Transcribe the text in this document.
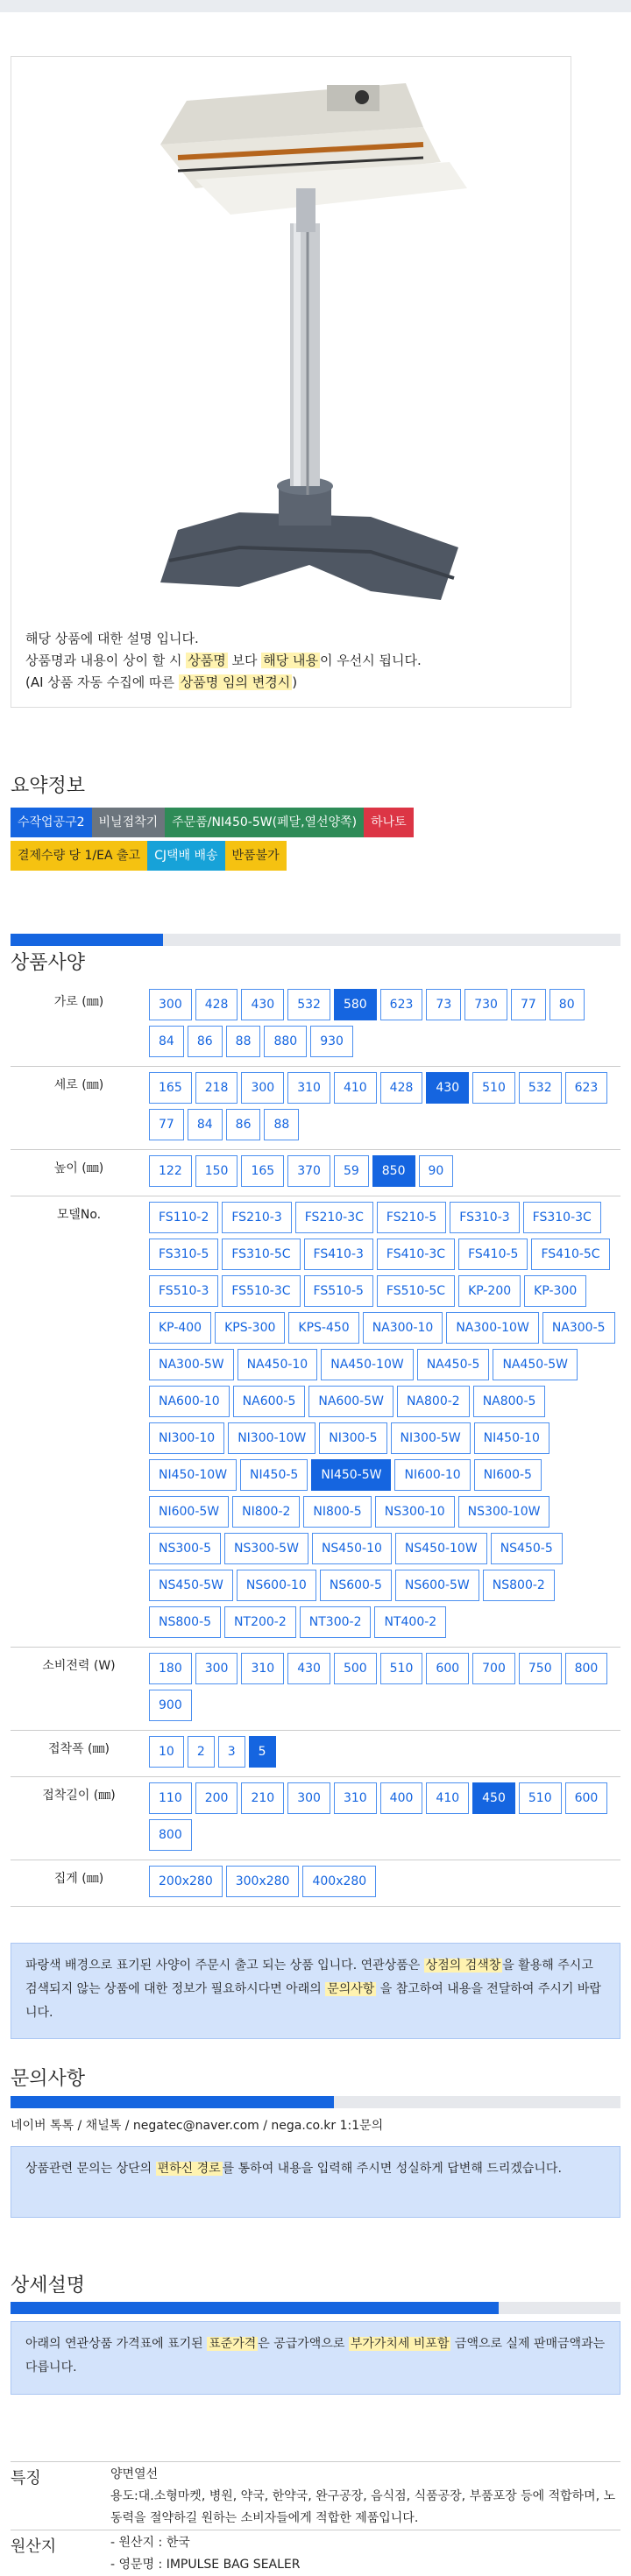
해당 상품에 대한 설명 입니다.
상품명과 내용이 상이 할 시 상품명 보다 해당 내용 이 우선시 됩니다.
(AI 상품 자동 수집에 따른 상품명 임의 변경시 )
요약정보
수작업공구2	비닐접착기	주문품/NI450-5W(페달,열선양쪽)	하나토
결제수량 당 1/EA 출고	CJ택배 배송	반품불가
상품사양
가로 (㎜)	300	428	430	532	580	623	73	730	77	80
84	86	88	880	930
세로 (㎜)	165	218	300	310	410	428	430	510	532	623
77	84	86	88
높이 (㎜)	122	150	165	370	59	850	90
모델No.	FS110-2	FS210-3	FS210-3C	FS210-5	FS310-3	FS310-3C
FS310-5	FS310-5C	FS410-3	FS410-3C	FS410-5	FS410-5C
FS510-3	FS510-3C	FS510-5	FS510-5C	KP-200	KP-300
KP-400	KPS-300	KPS-450	NA300-10	NA300-10W	NA300-5
NA300-5W	NA450-10	NA450-10W	NA450-5	NA450-5W
NA600-10	NA600-5	NA600-5W	NA800-2	NA800-5
NI300-10	NI300-10W	NI300-5	NI300-5W	NI450-10
NI450-10W	NI450-5	NI450-5W	NI600-10	NI600-5
NI600-5W	NI800-2	NI800-5	NS300-10	NS300-10W
NS300-5	NS300-5W	NS450-10	NS450-10W	NS450-5
NS450-5W	NS600-10	NS600-5	NS600-5W	NS800-2
NS800-5	NT200-2	NT300-2	NT400-2
소비전력 (W)	180	300	310	430	500	510	600	700	750	800
900
접착폭 (㎜)	10	2	3	5
접착길이 (㎜)	110	200	210	300	310	400	410	450	510	600
800
집게 (㎜)	200x280	300x280	400x280
파랑색 배경으로 표기된 사양이 주문시 출고 되는 상품 입니다. 연관상품은 상점의 검색창 을 활용해 주시고 검색되지 않는 상품에 대한 정보가 필요하시다면 아래의 문의사항 을 참고하여 내용을 전달하여 주시기 바랍니다.
문의사항
네이버 톡톡 / 채널톡 / negatec@naver.com / nega.co.kr 1:1문의
상품관련 문의는 상단의 편하신 경로 를 통하여 내용을 입력해 주시면 성실하게 답변해 드리겠습니다.
상세설명
아래의 연관상품 가격표에 표기된 표준가격 은 공급가액으로 부가가치세 비포함 금액으로 실제 판매금액과는 다릅니다.
특징	양면열선
용도:대.소형마켓, 병원, 약국, 한약국, 완구공장, 음식점, 식품공장, 부품포장 등에 적합하며, 노동력을 절약하길 원하는 소비자들에게 적합한 제품입니다.
원산지	- 원산지 : 한국
- 영문명 : IMPULSE BAG SEALER
